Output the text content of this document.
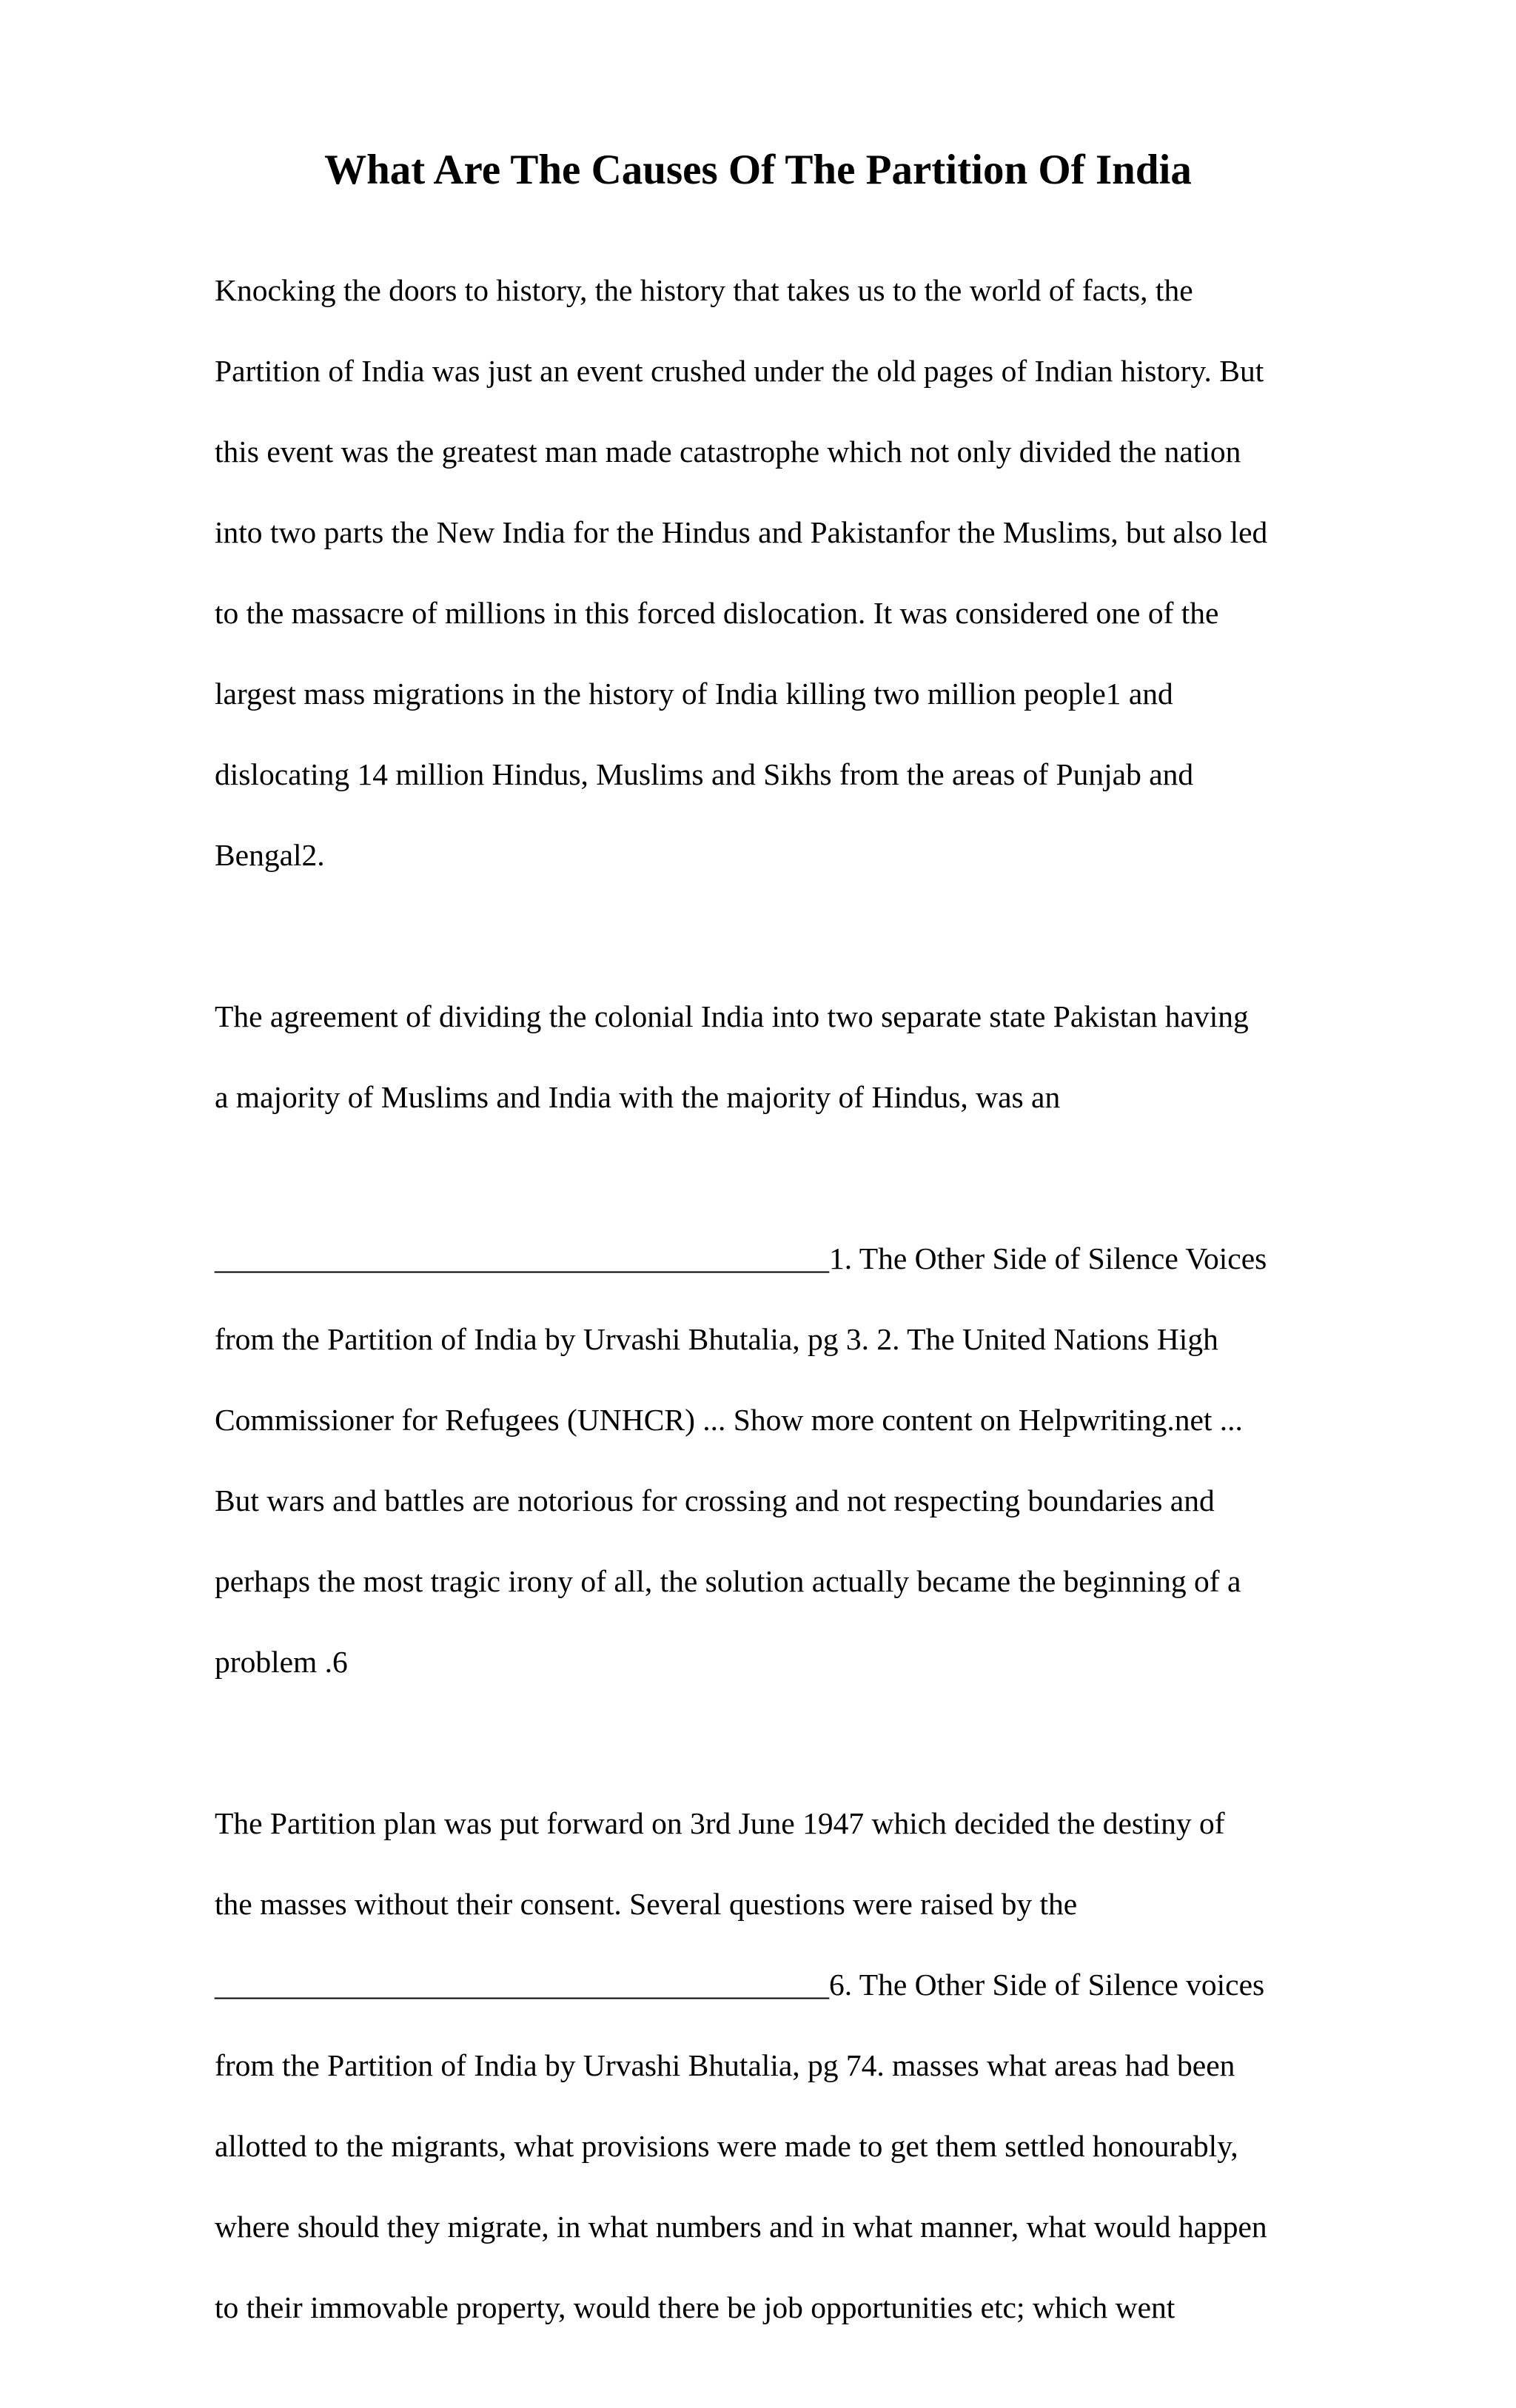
What Are The Causes Of The Partition Of India

Knocking the doors to history, the history that takes us to the world of facts, the

Partition of India was just an event crushed under the old pages of Indian history. But

this event was the greatest man made catastrophe which not only divided the nation

into two parts the New India for the Hindus and Pakistanfor the Muslims, but also led

to the massacre of millions in this forced dislocation. It was considered one of the

largest mass migrations in the history of India killing two million people1 and

dislocating 14 million Hindus, Muslims and Sikhs from the areas of Punjab and

Bengal2.

The agreement of dividing the colonial India into two separate state Pakistan having

a majority of Muslims and India with the majority of Hindus, was an

________________________________________1. The Other Side of Silence Voices

from the Partition of India by Urvashi Bhutalia, pg 3. 2. The United Nations High

Commissioner for Refugees (UNHCR) ... Show more content on Helpwriting.net ...

But wars and battles are notorious for crossing and not respecting boundaries and

perhaps the most tragic irony of all, the solution actually became the beginning of a

problem .6

The Partition plan was put forward on 3rd June 1947 which decided the destiny of

the masses without their consent. Several questions were raised by the

________________________________________6. The Other Side of Silence voices

from the Partition of India by Urvashi Bhutalia, pg 74. masses what areas had been

allotted to the migrants, what provisions were made to get them settled honourably,

where should they migrate, in what numbers and in what manner, what would happen

to their immovable property, would there be job opportunities etc; which went
